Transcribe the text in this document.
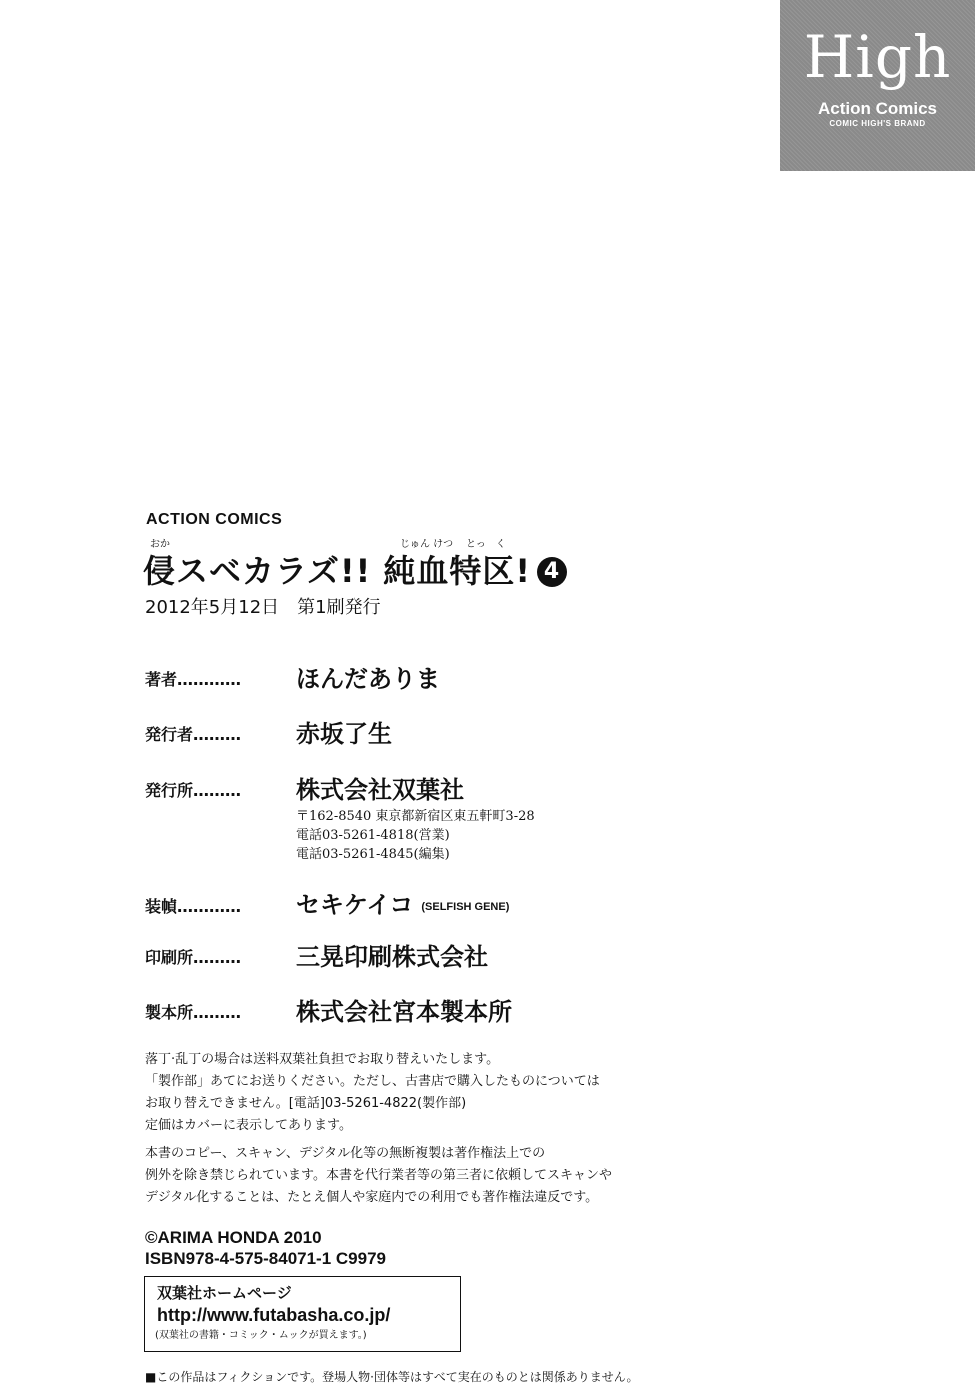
High
Action Comics
COMIC HIGH'S BRAND
ACTION COMICS
おか	じゅん けつ とっ　く
侵スベカラズ!! 純血特区! 4
2012年5月12日　第1刷発行
著者………… ほんだありま
発行者……… 赤坂了生
発行所……… 株式会社双葉社
〒162-8540 東京都新宿区東五軒町3-28
電話03-5261-4818(営業)
電話03-5261-4845(編集)
装幀………… セキケイコ (SELFISH GENE)
印刷所……… 三晃印刷株式会社
製本所……… 株式会社宮本製本所
落丁·乱丁の場合は送料双葉社負担でお取り替えいたします。
「製作部」あてにお送りください。ただし、古書店で購入したものについては
お取り替えできません。[電話]03-5261-4822(製作部)
定価はカバーに表示してあります。
本書のコピー、スキャン、デジタル化等の無断複製は著作権法上での
例外を除き禁じられています。本書を代行業者等の第三者に依頼してスキャンや
デジタル化することは、たとえ個人や家庭内での利用でも著作権法違反です。
©ARIMA HONDA 2010
ISBN978-4-575-84071-1 C9979
双葉社ホームページ
http://www.futabasha.co.jp/
(双葉社の書籍・コミック・ムックが買えます。)
■この作品はフィクションです。登場人物·団体等はすべて実在のものとは関係ありません。
